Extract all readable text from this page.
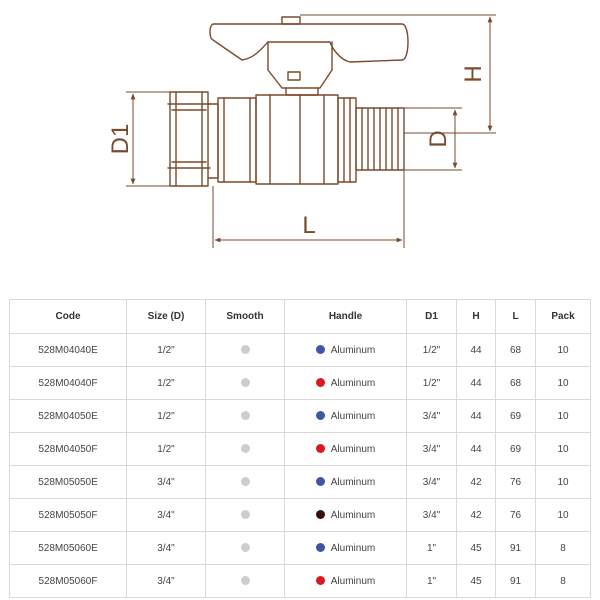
H
D
D1
L
Code	Size (D)	Smooth	Handle	D1	H	L	Pack
528M04040E	1/2"		Aluminum	1/2"	44	68	10
528M04040F	1/2"		Aluminum	1/2"	44	68	10
528M04050E	1/2"		Aluminum	3/4"	44	69	10
528M04050F	1/2"		Aluminum	3/4"	44	69	10
528M05050E	3/4"		Aluminum	3/4"	42	76	10
528M05050F	3/4"		Aluminum	3/4"	42	76	10
528M05060E	3/4"		Aluminum	1"	45	91	8
528M05060F	3/4"		Aluminum	1"	45	91	8
